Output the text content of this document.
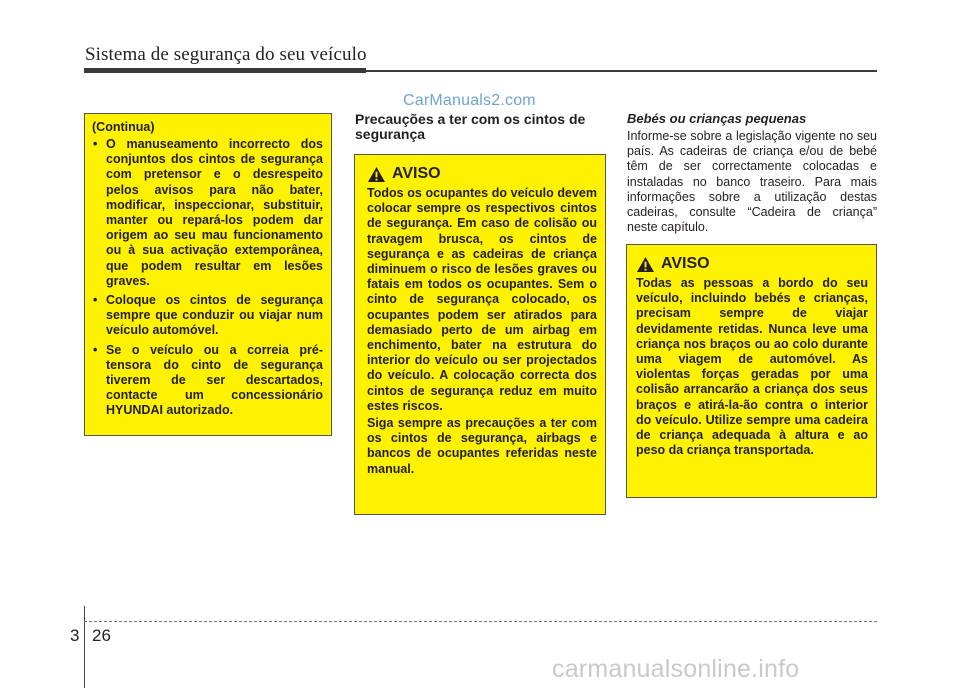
Sistema de segurança do seu veículo
CarManuals2.com
(Continua)
• O manuseamento incorrecto dos conjuntos dos cintos de segurança com pretensor e o desrespeito pelos avisos para não bater, modificar, inspeccionar, substituir, manter ou repará-los podem dar origem ao seu mau funcionamento ou à sua activação extemporânea, que podem resultar em lesões graves.
• Coloque os cintos de segurança sempre que conduzir ou viajar num veículo automóvel.
• Se o veículo ou a correia pré-tensora do cinto de segurança tiverem de ser descartados, contacte um concessionário HYUNDAI autorizado.
Precauções a ter com os cintos de segurança
AVISO
Todos os ocupantes do veículo devem colocar sempre os respectivos cintos de segurança. Em caso de colisão ou travagem brusca, os cintos de segurança e as cadeiras de criança diminuem o risco de lesões graves ou fatais em todos os ocupantes. Sem o cinto de segurança colocado, os ocupantes podem ser atirados para demasiado perto de um airbag em enchimento, bater na estrutura do interior do veículo ou ser projectados do veículo. A colocação correcta dos cintos de segurança reduz em muito estes riscos.
Siga sempre as precauções a ter com os cintos de segurança, airbags e bancos de ocupantes referidas neste manual.
Bebés ou crianças pequenas
Informe-se sobre a legislação vigente no seu país. As cadeiras de criança e/ou de bebé têm de ser correctamente colocadas e instaladas no banco traseiro. Para mais informações sobre a utilização destas cadeiras, consulte “Cadeira de criança” neste capítulo.
AVISO
Todas as pessoas a bordo do seu veículo, incluindo bebés e crianças, precisam sempre de viajar devidamente retidas. Nunca leve uma criança nos braços ou ao colo durante uma viagem de automóvel. As violentas forças geradas por uma colisão arrancarão a criança dos seus braços e atirá-la-ão contra o interior do veículo. Utilize sempre uma cadeira de criança adequada à altura e ao peso da criança transportada.
3 26
carmanualsonline.info
